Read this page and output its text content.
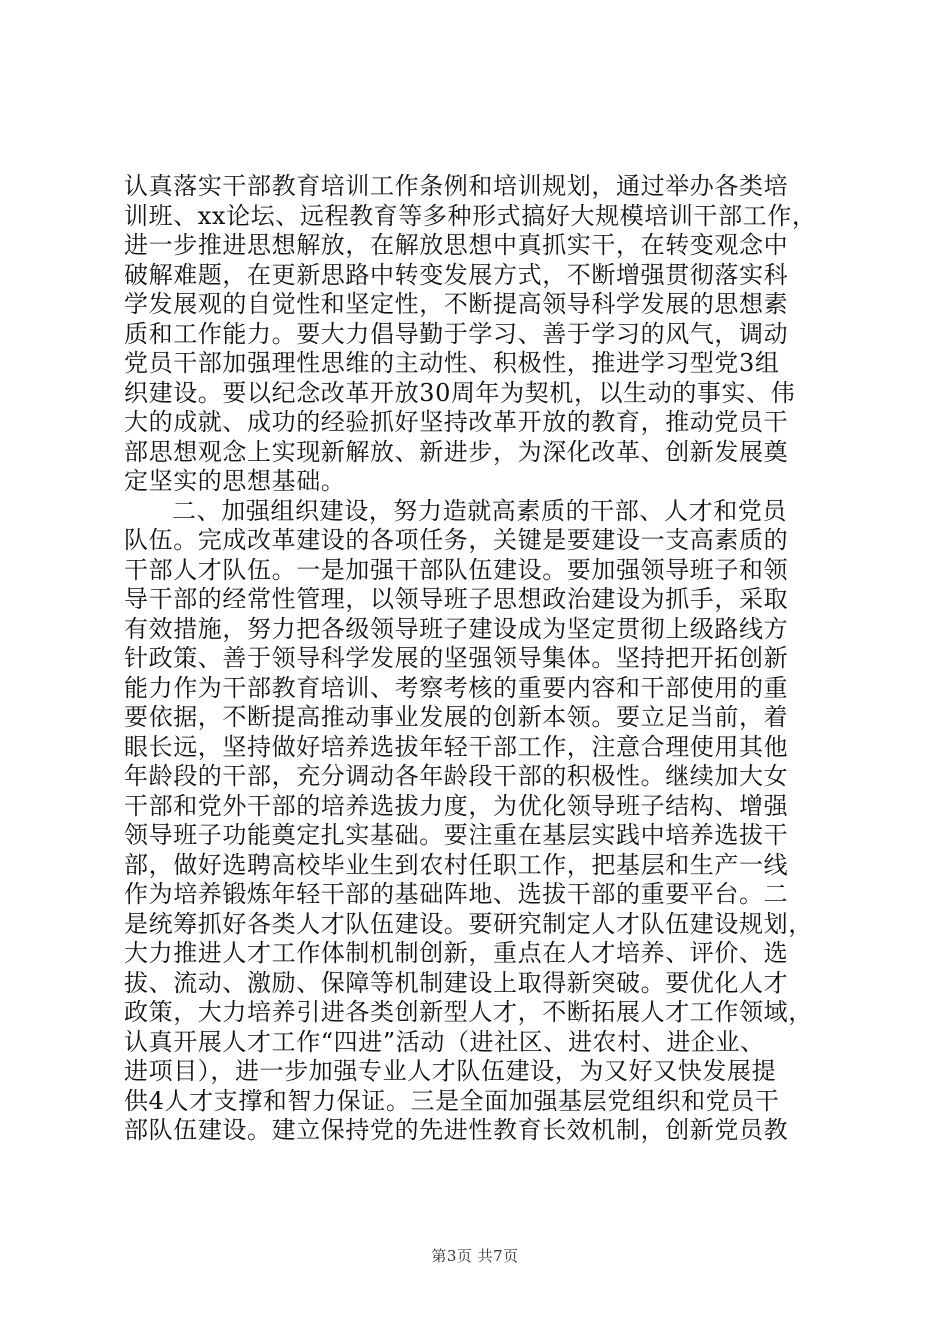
认真落实干部教育培训工作条例和培训规划，通过举办各类培
训班、xx论坛、远程教育等多种形式搞好大规模培训干部工作，
进一步推进思想解放，在解放思想中真抓实干，在转变观念中
破解难题，在更新思路中转变发展方式，不断增强贯彻落实科
学发展观的自觉性和坚定性，不断提高领导科学发展的思想素
质和工作能力。要大力倡导勤于学习、善于学习的风气，调动
党员干部加强理性思维的主动性、积极性，推进学习型党3组
织建设。要以纪念改革开放30周年为契机，以生动的事实、伟
大的成就、成功的经验抓好坚持改革开放的教育，推动党员干
部思想观念上实现新解放、新进步，为深化改革、创新发展奠
定坚实的思想基础。
二、加强组织建设，努力造就高素质的干部、人才和党员
队伍。完成改革建设的各项任务，关键是要建设一支高素质的
干部人才队伍。一是加强干部队伍建设。要加强领导班子和领
导干部的经常性管理，以领导班子思想政治建设为抓手，采取
有效措施，努力把各级领导班子建设成为坚定贯彻上级路线方
针政策、善于领导科学发展的坚强领导集体。坚持把开拓创新
能力作为干部教育培训、考察考核的重要内容和干部使用的重
要依据，不断提高推动事业发展的创新本领。要立足当前，着
眼长远，坚持做好培养选拔年轻干部工作，注意合理使用其他
年龄段的干部，充分调动各年龄段干部的积极性。继续加大女
干部和党外干部的培养选拔力度，为优化领导班子结构、增强
领导班子功能奠定扎实基础。要注重在基层实践中培养选拔干
部，做好选聘高校毕业生到农村任职工作，把基层和生产一线
作为培养锻炼年轻干部的基础阵地、选拔干部的重要平台。二
是统筹抓好各类人才队伍建设。要研究制定人才队伍建设规划，
大力推进人才工作体制机制创新，重点在人才培养、评价、选
拔、流动、激励、保障等机制建设上取得新突破。要优化人才
政策，大力培养引进各类创新型人才，不断拓展人才工作领域，
认真开展人才工作“四进”活动（进社区、进农村、进企业、
进项目），进一步加强专业人才队伍建设，为又好又快发展提
供4人才支撑和智力保证。三是全面加强基层党组织和党员干
部队伍建设。建立保持党的先进性教育长效机制，创新党员教
第3页 共7页
